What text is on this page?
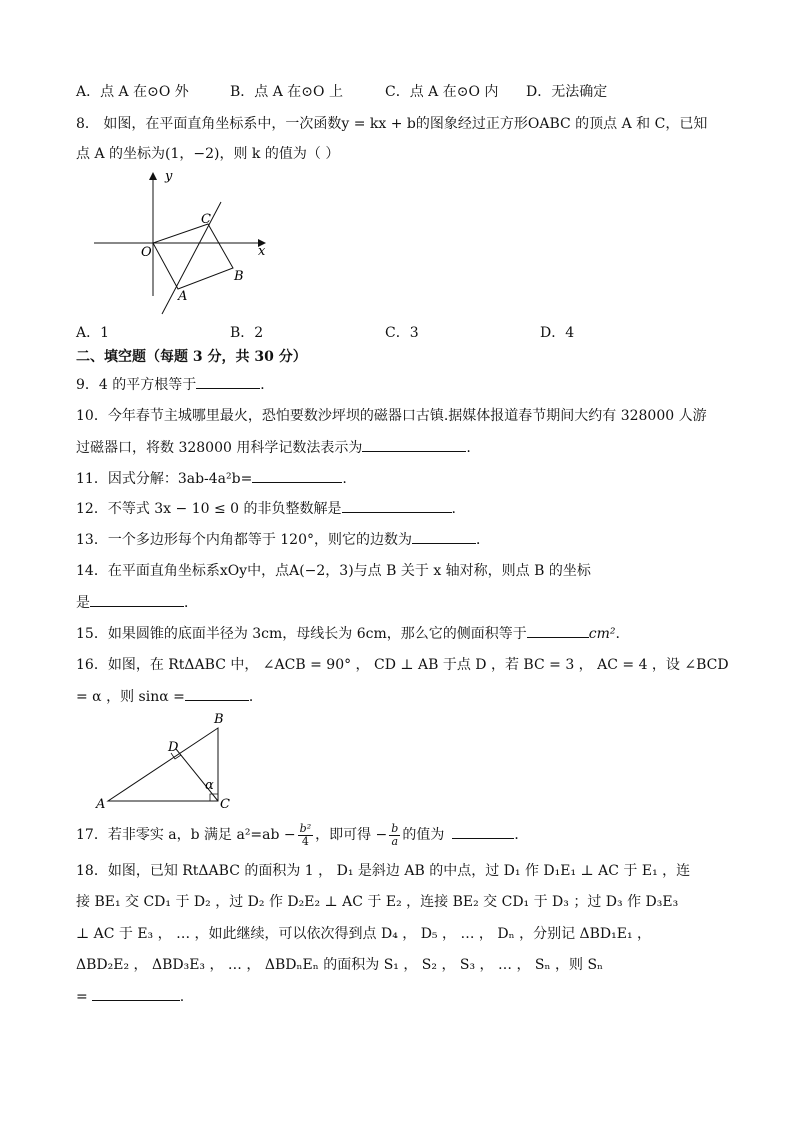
A．点 A 在⊙O 外	B．点 A 在⊙O 上	C．点 A 在⊙O 内 D．无法确定
8． 如图，在平面直角坐标系中，一次函数y = kx + b的图象经过正方形OABC 的顶点 A 和 C，已知
点 A 的坐标为(1，−2)，则 k 的值为（ ）
y
x
O
A
B
C
A．1	B．2	C．3	D．4
二、填空题（每题 3 分，共 30 分）
9．4 的平方根等于	．
10．今年春节主城哪里最火，恐怕要数沙坪坝的磁器口古镇.据媒体报道春节期间大约有 328000 人游
过磁器口，将数 328000 用科学记数法表示为	.
11．因式分解：3ab-4a²b=	.
12．不等式 3x − 10 ≤ 0 的非负整数解是	.
13．一个多边形每个内角都等于 120°，则它的边数为	．
14．在平面直角坐标系xOy中，点A(−2，3)与点 B 关于 x 轴对称，则点 B 的坐标
是	．
15．如果圆锥的底面半径为 3cm，母线长为 6cm，那么它的侧面积等于	cm².
16．如图，在 RtΔABC 中， ∠ACB = 90° ， CD ⊥ AB 于点 D ，若 BC = 3 ， AC = 4 ，设 ∠BCD
= α ，则 sinα =	．
A
B
C
D
α
17．若非零实 a，b 满足 $a^2=ab - \frac{\text{b²}}{4}$ ，即可得 − $\frac{b}{a}$ 的值为	．
18．如图，已知 RtΔABC 的面积为 1 ， D₁ 是斜边 AB 的中点，过 D₁ 作 D₁E₁ ⊥ AC 于 E₁ ，连
接 BE₁ 交 CD₁ 于 D₂ ，过 D₂ 作 D₂E₂ ⊥ AC 于 E₂ ，连接 BE₂ 交 CD₁ 于 D₃ ；过 D₃ 作 D₃E₃
⊥ AC 于 E₃ ， … ，如此继续，可以依次得到点 D₄ ， D₅ ， … ， Dₙ ，分别记 ΔBD₁E₁ ，
ΔBD₂E₂ ， ΔBD₃E₃ ， … ， ΔBDₙEₙ 的面积为 S₁ ， S₂ ， S₃ ， … ， Sₙ ，则 Sₙ
=	.
